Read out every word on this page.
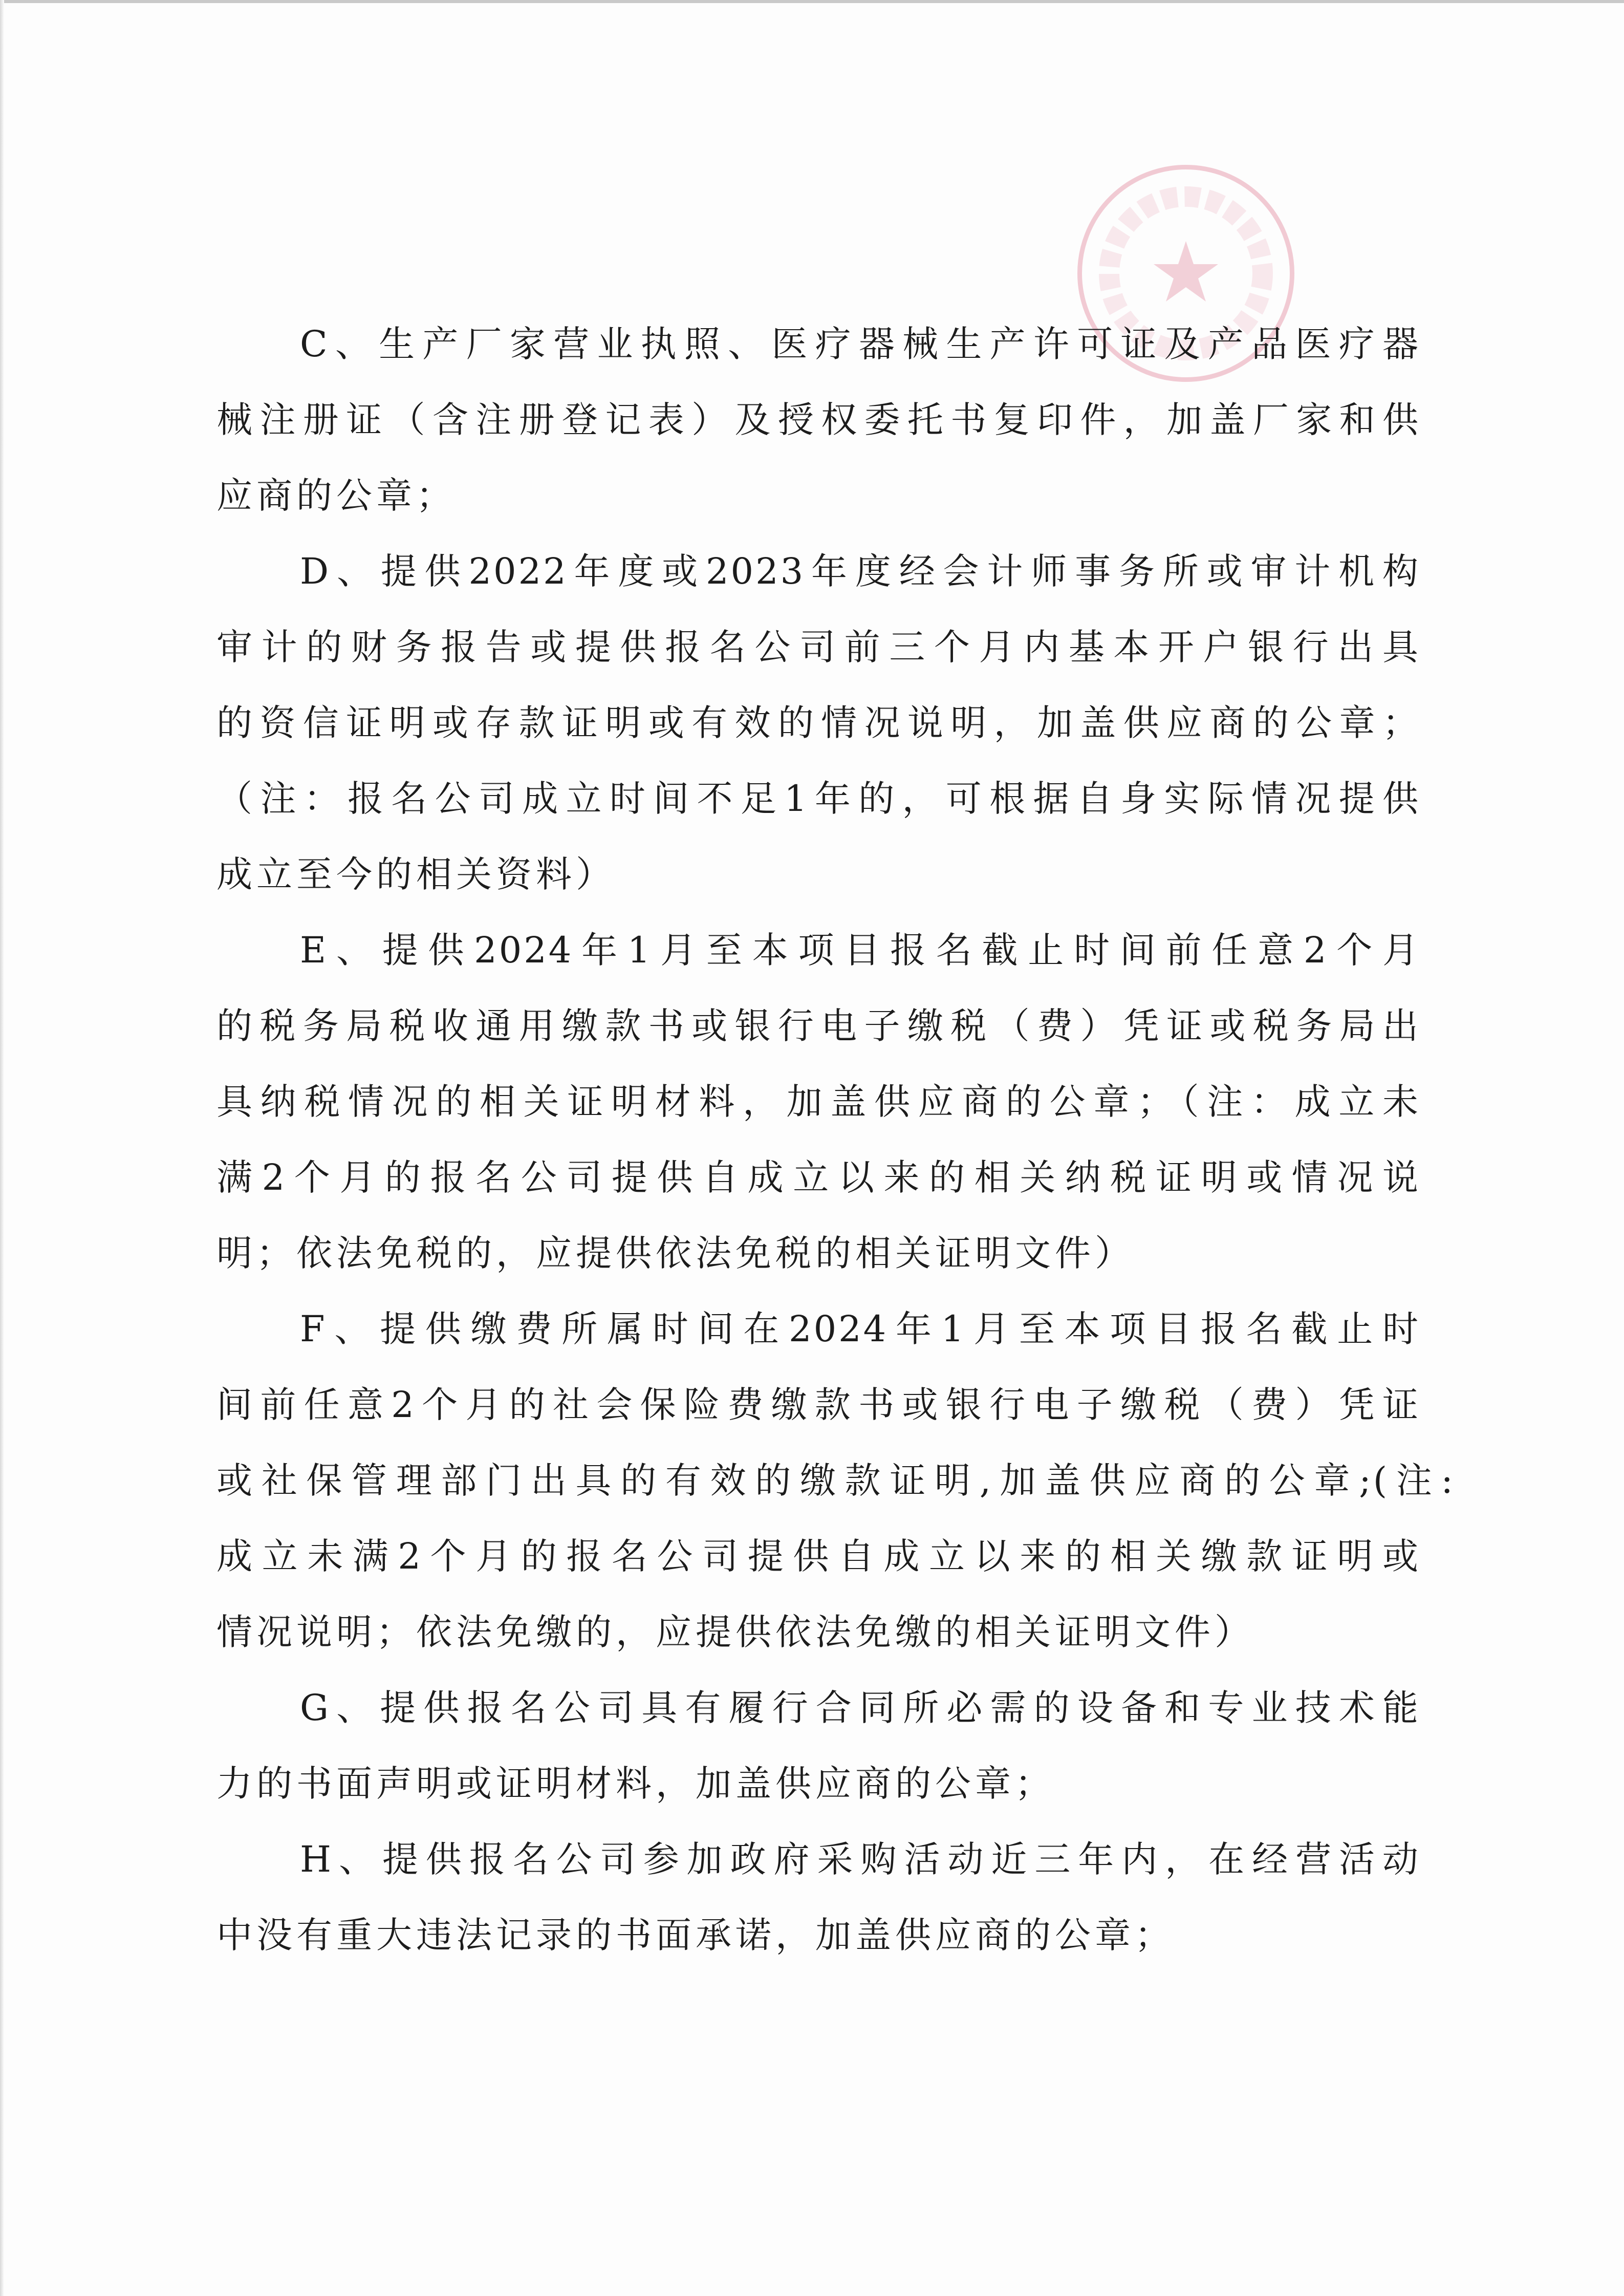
C、生产厂家营业执照、医疗器械生产许可证及产品医疗器
械注册证（含注册登记表）及授权委托书复印件，加盖厂家和供
应商的公章；
D、提供2022年度或2023年度经会计师事务所或审计机构
审计的财务报告或提供报名公司前三个月内基本开户银行出具
的资信证明或存款证明或有效的情况说明，加盖供应商的公章；
（注：报名公司成立时间不足1年的，可根据自身实际情况提供
成立至今的相关资料）
E、提供2024年1月至本项目报名截止时间前任意2个月
的税务局税收通用缴款书或银行电子缴税（费）凭证或税务局出
具纳税情况的相关证明材料，加盖供应商的公章；（注：成立未
满2个月的报名公司提供自成立以来的相关纳税证明或情况说
明；依法免税的，应提供依法免税的相关证明文件）
F、提供缴费所属时间在2024年1月至本项目报名截止时
间前任意2个月的社会保险费缴款书或银行电子缴税（费）凭证
或社保管理部门出具的有效的缴款证明,加盖供应商的公章;(注:
成立未满2个月的报名公司提供自成立以来的相关缴款证明或
情况说明；依法免缴的，应提供依法免缴的相关证明文件）
G、提供报名公司具有履行合同所必需的设备和专业技术能
力的书面声明或证明材料，加盖供应商的公章；
H、提供报名公司参加政府采购活动近三年内，在经营活动
中没有重大违法记录的书面承诺，加盖供应商的公章；
